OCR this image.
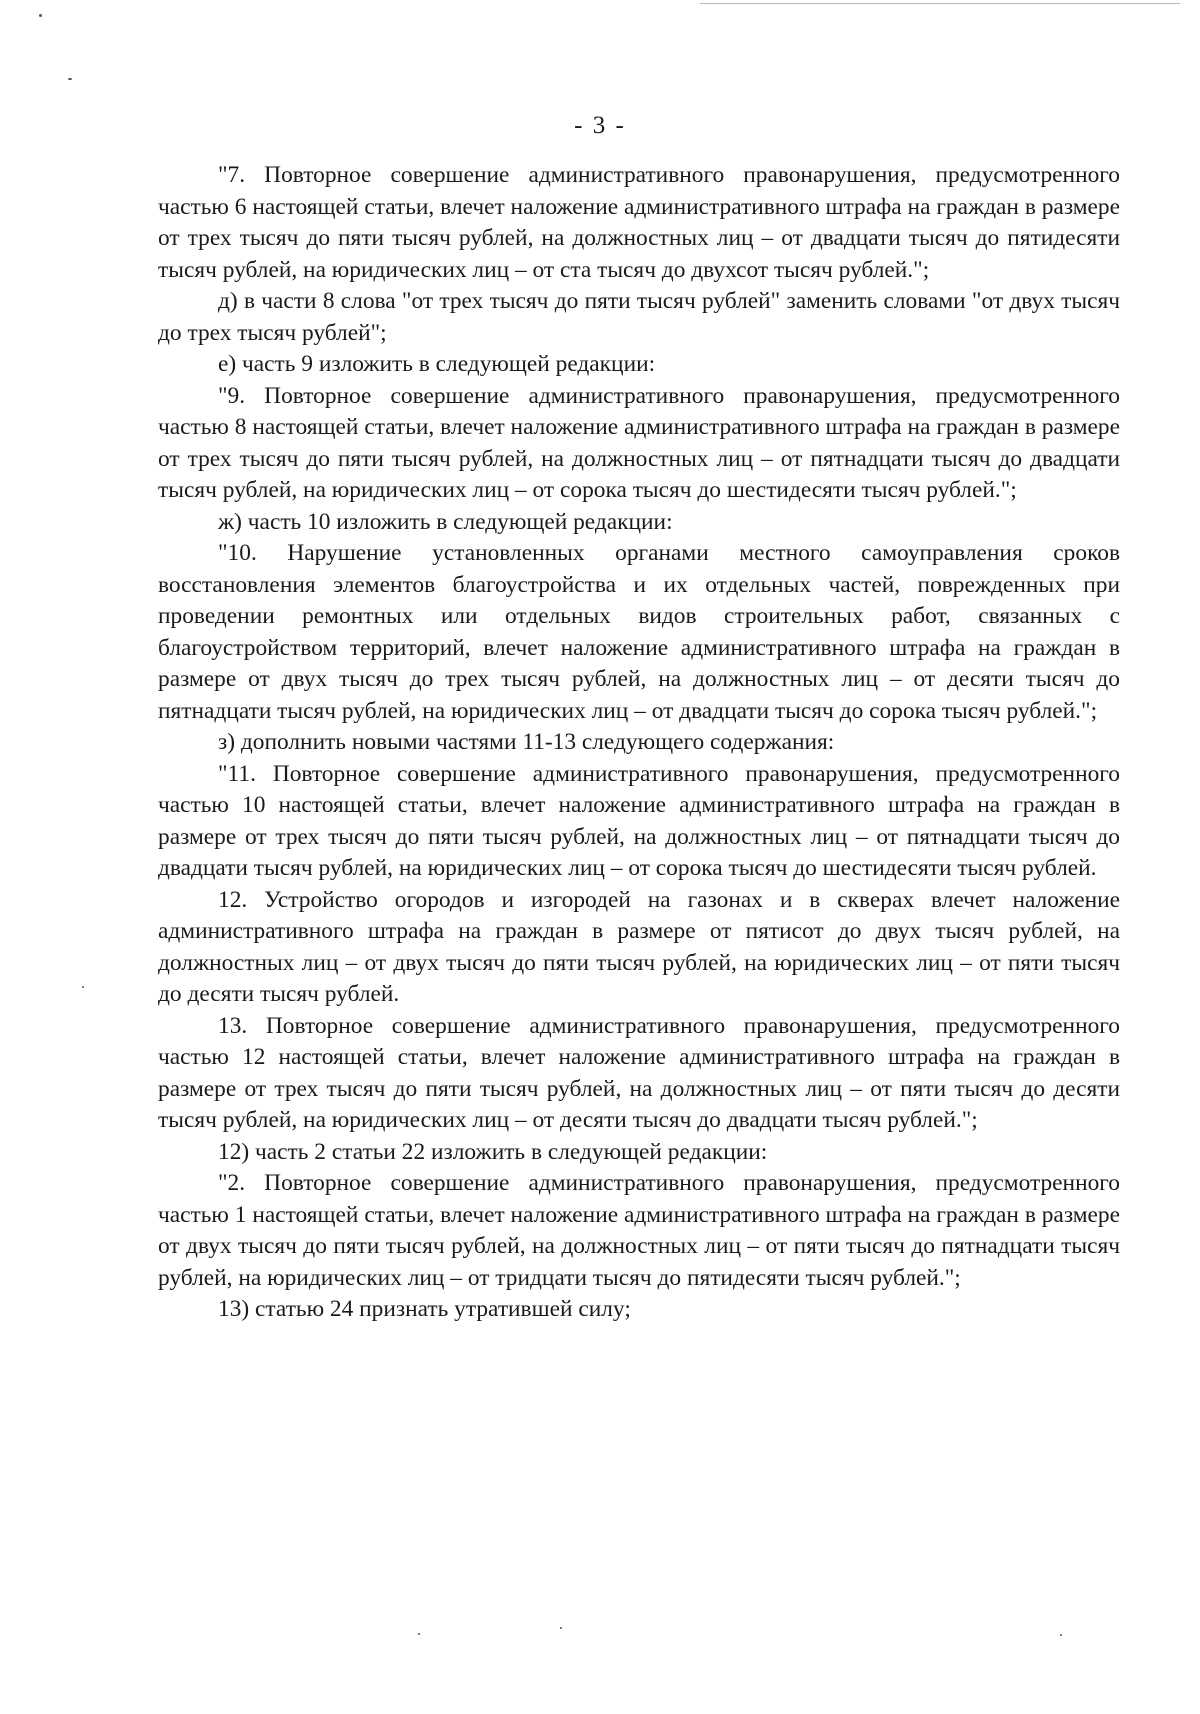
- 3 -

"7. Повторное совершение административного правонарушения, предусмотренного частью 6 настоящей статьи, влечет наложение административного штрафа на граждан в размере от трех тысяч до пяти тысяч рублей, на должностных лиц – от двадцати тысяч до пятидесяти тысяч рублей, на юридических лиц – от ста тысяч до двухсот тысяч рублей.";

д) в части 8 слова "от трех тысяч до пяти тысяч рублей" заменить словами "от двух тысяч до трех тысяч рублей";

е) часть 9 изложить в следующей редакции:

"9. Повторное совершение административного правонарушения, предусмотренного частью 8 настоящей статьи, влечет наложение административного штрафа на граждан в размере от трех тысяч до пяти тысяч рублей, на должностных лиц – от пятнадцати тысяч до двадцати тысяч рублей, на юридических лиц – от сорока тысяч до шестидесяти тысяч рублей.";

ж) часть 10 изложить в следующей редакции:

"10. Нарушение установленных органами местного самоуправления сроков восстановления элементов благоустройства и их отдельных частей, поврежденных при проведении ремонтных или отдельных видов строительных работ, связанных с благоустройством территорий, влечет наложение административного штрафа на граждан в размере от двух тысяч до трех тысяч рублей, на должностных лиц – от десяти тысяч до пятнадцати тысяч рублей, на юридических лиц – от двадцати тысяч до сорока тысяч рублей.";

з) дополнить новыми частями 11-13 следующего содержания:

"11. Повторное совершение административного правонарушения, предусмотренного частью 10 настоящей статьи, влечет наложение административного штрафа на граждан в размере от трех тысяч до пяти тысяч рублей, на должностных лиц – от пятнадцати тысяч до двадцати тысяч рублей, на юридических лиц – от сорока тысяч до шестидесяти тысяч рублей.

12. Устройство огородов и изгородей на газонах и в скверах влечет наложение административного штрафа на граждан в размере от пятисот до двух тысяч рублей, на должностных лиц – от двух тысяч до пяти тысяч рублей, на юридических лиц – от пяти тысяч до десяти тысяч рублей.

13. Повторное совершение административного правонарушения, предусмотренного частью 12 настоящей статьи, влечет наложение административного штрафа на граждан в размере от трех тысяч до пяти тысяч рублей, на должностных лиц – от пяти тысяч до десяти тысяч рублей, на юридических лиц – от десяти тысяч до двадцати тысяч рублей.";

12) часть 2 статьи 22 изложить в следующей редакции:

"2. Повторное совершение административного правонарушения, предусмотренного частью 1 настоящей статьи, влечет наложение административного штрафа на граждан в размере от двух тысяч до пяти тысяч рублей, на должностных лиц – от пяти тысяч до пятнадцати тысяч рублей, на юридических лиц – от тридцати тысяч до пятидесяти тысяч рублей.";

13) статью 24 признать утратившей силу;
